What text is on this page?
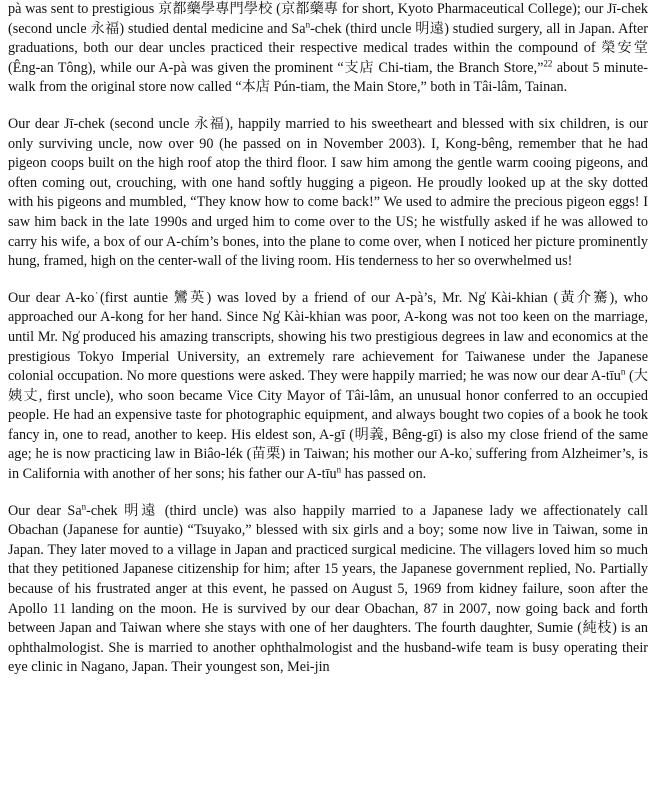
pà was sent to prestigious 京都藥學專門學校 (京都藥專 for short, Kyoto Pharmaceutical College); our Jī-chek (second uncle 永福) studied dental medicine and Sa$^n$-chek (third uncle 明遠) studied surgery, all in Japan. After graduations, both our dear uncles practiced their respective medical trades within the compound of 榮安堂 (Êng-an Tông), while our A-pà was given the prominent “支店 Chi-tiam, the Branch Store,”$^{22}$ about 5 minute-walk from the original store now called “本店 Pún-tiam, the Main Store,” both in Tâi-lâm, Tainan.

Our dear Jī-chek (second uncle 永福), happily married to his sweetheart and blessed with six children, is our only surviving uncle, now over 90 (he passed on in November 2003). I, Kong-bêng, remember that he had pigeon coops built on the high roof atop the third floor. I saw him among the gentle warm cooing pigeons, and often coming out, crouching, with one hand softly hugging a pigeon. He proudly looked up at the sky dotted with his pigeons and mumbled, “They know how to come back!” We used to admire the precious pigeon eggs! I saw him back in the late 1990s and urged him to come over to the US; he wistfully asked if he was allowed to carry his wife, a box of our A-chím’s bones, into the plane to come over, when I noticed her picture prominently hung, framed, high on the center-wall of the living room. His tenderness to her so overwhelmed us!

Our dear A-ko͘ (first auntie 鸞英) was loved by a friend of our A-pà’s, Mr. Ng̍ Kài-khian (黃介騫), who approached our A-kong for her hand. Since Ng̍ Kài-khian was poor, A-kong was not too keen on the marriage, until Mr. Ng̍ produced his amazing transcripts, showing his two prestigious degrees in law and economics at the prestigious Tokyo Imperial University, an extremely rare achievement for Taiwanese under the Japanese colonial occupation. No more questions were asked. They were happily married; he was now our dear A-tīu$^n$ (大姨丈, first uncle), who soon became Vice City Mayor of Tâi-lâm, an unusual honor conferred to an occupied people. He had an expensive taste for photographic equipment, and always bought two copies of a book he took fancy in, one to read, another to keep. His eldest son, A-gī (明義, Bêng-gī) is also my close friend of the same age; he is now practicing law in Biâo-lék (苗栗) in Taiwan; his mother our A-ko͘, suffering from Alzheimer’s, is in California with another of her sons; his father our A-tīu$^n$ has passed on.

Our dear Sa$^n$-chek 明遠 (third uncle) was also happily married to a Japanese lady we affectionately call Obachan (Japanese for auntie) “Tsuyako,” blessed with six girls and a boy; some now live in Taiwan, some in Japan. They later moved to a village in Japan and practiced surgical medicine. The villagers loved him so much that they petitioned Japanese citizenship for him; after 15 years, the Japanese government replied, No. Partially because of his frustrated anger at this event, he passed on August 5, 1969 from kidney failure, soon after the Apollo 11 landing on the moon. He is survived by our dear Obachan, 87 in 2007, now going back and forth between Japan and Taiwan where she stays with one of her daughters. The fourth daughter, Sumie (純枝) is an ophthalmologist. She is married to another ophthalmologist and the husband-wife team is busy operating their eye clinic in Nagano, Japan. Their youngest son, Mei-jin
